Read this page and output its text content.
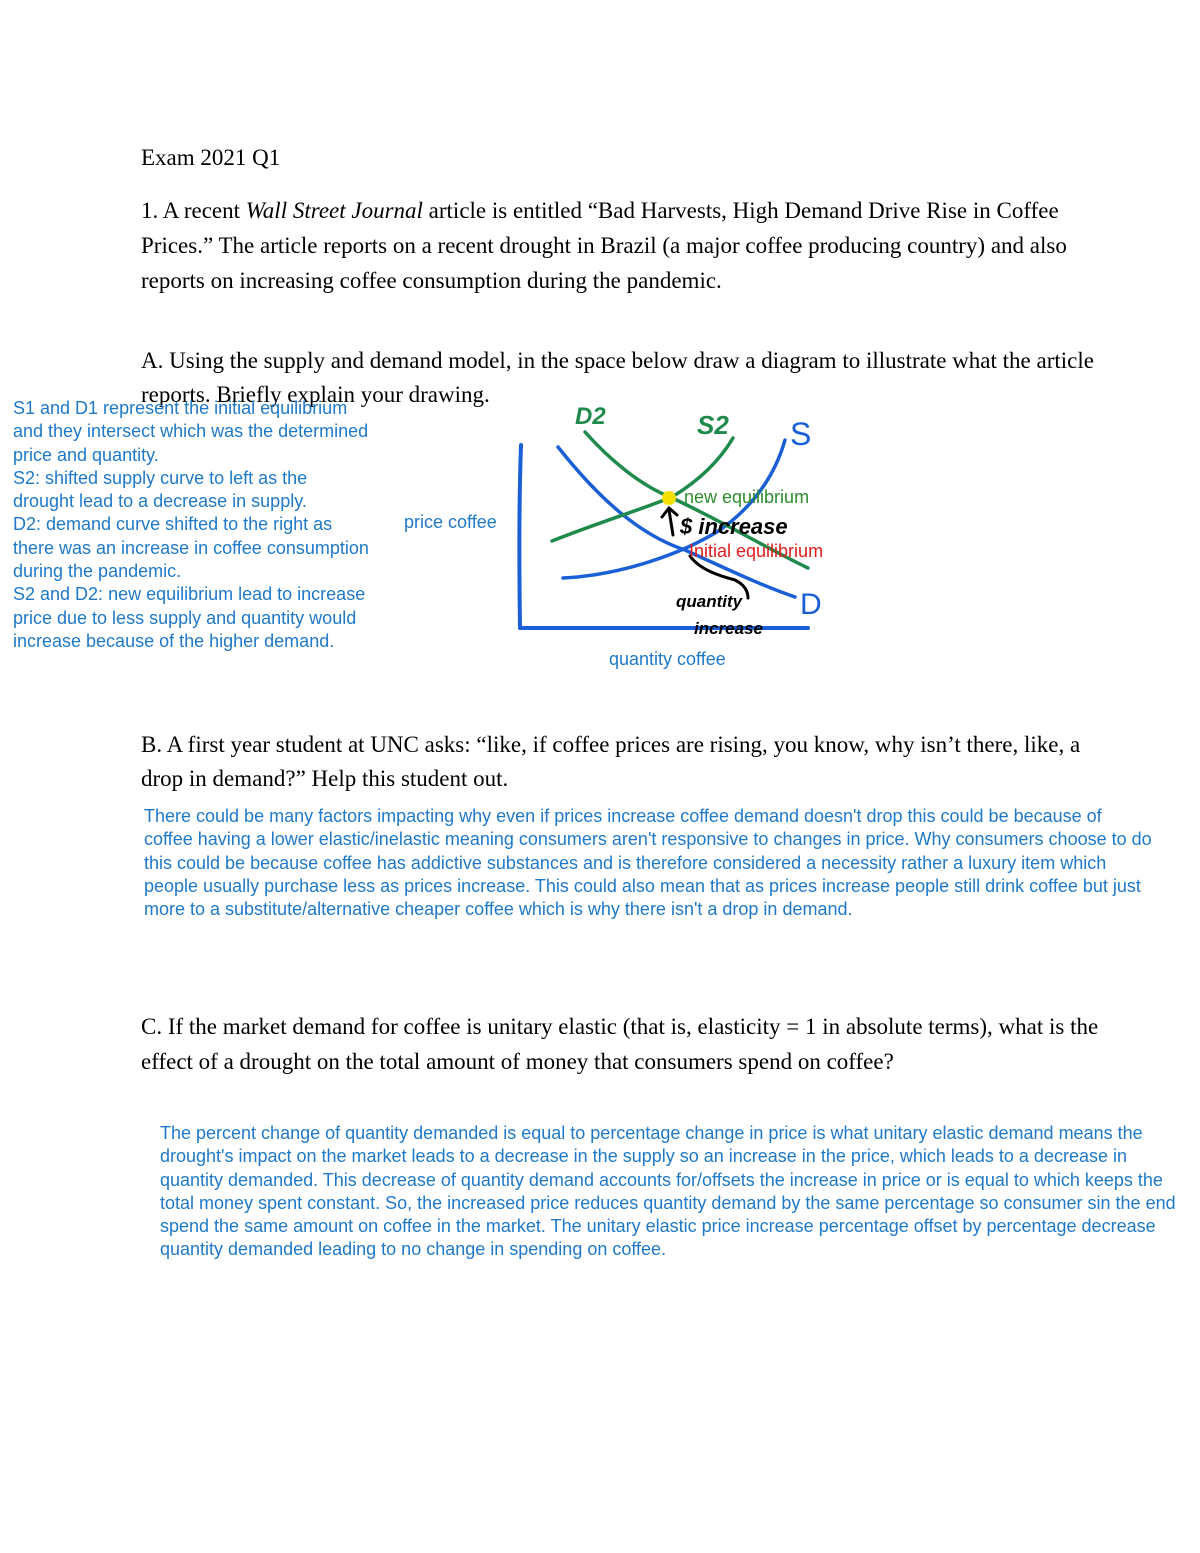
Exam 2021 Q1

1. A recent Wall Street Journal article is entitled “Bad Harvests, High Demand Drive Rise in Coffee Prices.” The article reports on a recent drought in Brazil (a major coffee producing country) and also reports on increasing coffee consumption during the pandemic.

A. Using the supply and demand model, in the space below draw a diagram to illustrate what the article reports. Briefly explain your drawing.

D2	S2 S
D
$ increase
quantity
increase
S1 and D1 represent the initial equilibrium and they intersect which was the determined price and quantity.
S2: shifted supply curve to left as the drought lead to a decrease in supply.
D2: demand curve shifted to the right as there was an increase in coffee consumption during the pandemic.
S2 and D2: new equilibrium lead to increase price due to less supply and quantity would increase because of the higher demand.
price coffee
quantity coffee
new equilibrium
Initial equilibrium

B. A first year student at UNC asks: “like, if coffee prices are rising, you know, why isn’t there, like, a drop in demand?” Help this student out.

There could be many factors impacting why even if prices increase coffee demand doesn't drop this could be because of coffee having a lower elastic/inelastic meaning consumers aren't responsive to changes in price. Why consumers choose to do this could be because coffee has addictive substances and is therefore considered a necessity rather a luxury item which people usually purchase less as prices increase. This could also mean that as prices increase people still drink coffee but just more to a substitute/alternative cheaper coffee which is why there isn't a drop in demand.

C. If the market demand for coffee is unitary elastic (that is, elasticity = 1 in absolute terms), what is the effect of a drought on the total amount of money that consumers spend on coffee?

The percent change of quantity demanded is equal to percentage change in price is what unitary elastic demand means the drought's impact on the market leads to a decrease in the supply so an increase in the price, which leads to a decrease in quantity demanded. This decrease of quantity demand accounts for/offsets the increase in price or is equal to which keeps the total money spent constant. So, the increased price reduces quantity demand by the same percentage so consumer sin the end spend the same amount on coffee in the market. The unitary elastic price increase percentage offset by percentage decrease quantity demanded leading to no change in spending on coffee.
